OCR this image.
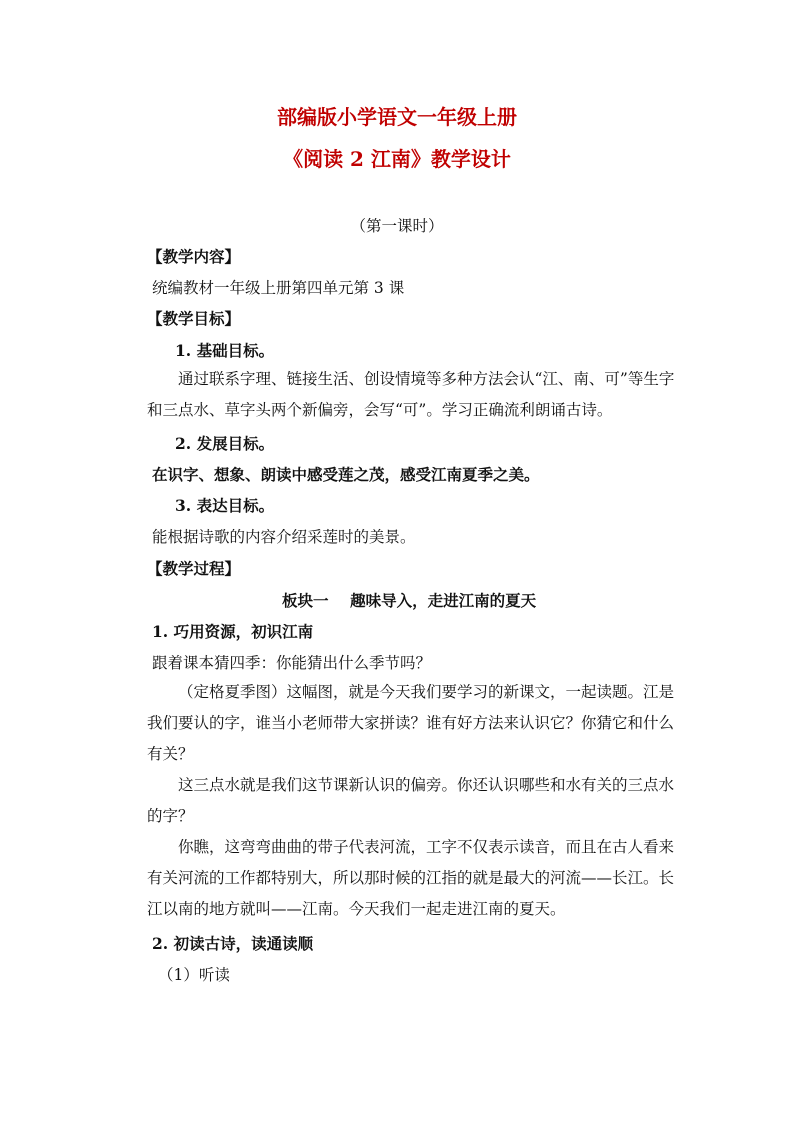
部编版小学语文一年级上册
《阅读 2 江南》教学设计
（第一课时）
【教学内容】
统编教材一年级上册第四单元第 3 课
【教学目标】
1. 基础目标。
通过联系字理、链接生活、创设情境等多种方法会认“江、南、可”等生字和三点水、草字头两个新偏旁，会写“可”。学习正确流利朗诵古诗。
2. 发展目标。
在识字、想象、朗读中感受莲之茂，感受江南夏季之美。
3. 表达目标。
能根据诗歌的内容介绍采莲时的美景。
【教学过程】
板块一    趣味导入，走进江南的夏天
1. 巧用资源，初识江南
跟着课本猜四季：你能猜出什么季节吗？
（定格夏季图）这幅图，就是今天我们要学习的新课文，一起读题。江是我们要认的字，谁当小老师带大家拼读？谁有好方法来认识它？你猜它和什么有关？
这三点水就是我们这节课新认识的偏旁。你还认识哪些和水有关的三点水的字？
你瞧，这弯弯曲曲的带子代表河流，工字不仅表示读音，而且在古人看来有关河流的工作都特别大，所以那时候的江指的就是最大的河流——长江。长江以南的地方就叫——江南。今天我们一起走进江南的夏天。
2. 初读古诗，读通读顺
（1）听读
